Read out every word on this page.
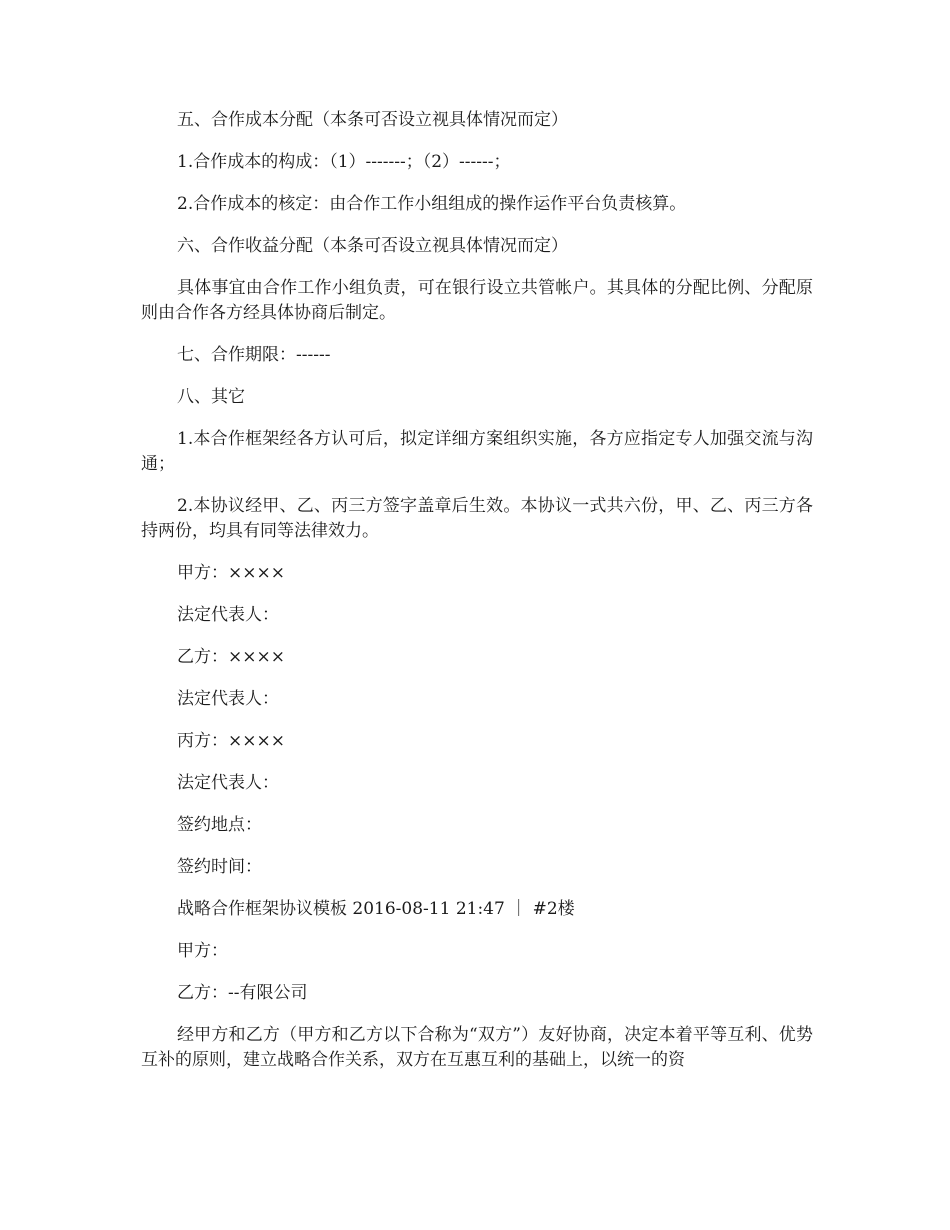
五、合作成本分配（本条可否设立视具体情况而定）

1.合作成本的构成：（1）-------；（2）------；

2.合作成本的核定：由合作工作小组组成的操作运作平台负责核算。

六、合作收益分配（本条可否设立视具体情况而定）

具体事宜由合作工作小组负责，可在银行设立共管帐户。其具体的分配比例、分配原则由合作各方经具体协商后制定。

七、合作期限：------

八、其它

1.本合作框架经各方认可后，拟定详细方案组织实施，各方应指定专人加强交流与沟通；

2.本协议经甲、乙、丙三方签字盖章后生效。本协议一式共六份，甲、乙、丙三方各持两份，均具有同等法律效力。

甲方：××××

法定代表人：

乙方：××××

法定代表人：

丙方：××××

法定代表人：

签约地点：

签约时间：

战略合作框架协议模板 2016-08-11 21:47 ｜ #2楼

甲方：

乙方：--有限公司

经甲方和乙方（甲方和乙方以下合称为“双方”）友好协商，决定本着平等互利、优势互补的原则，建立战略合作关系，双方在互惠互利的基础上，以统一的资
